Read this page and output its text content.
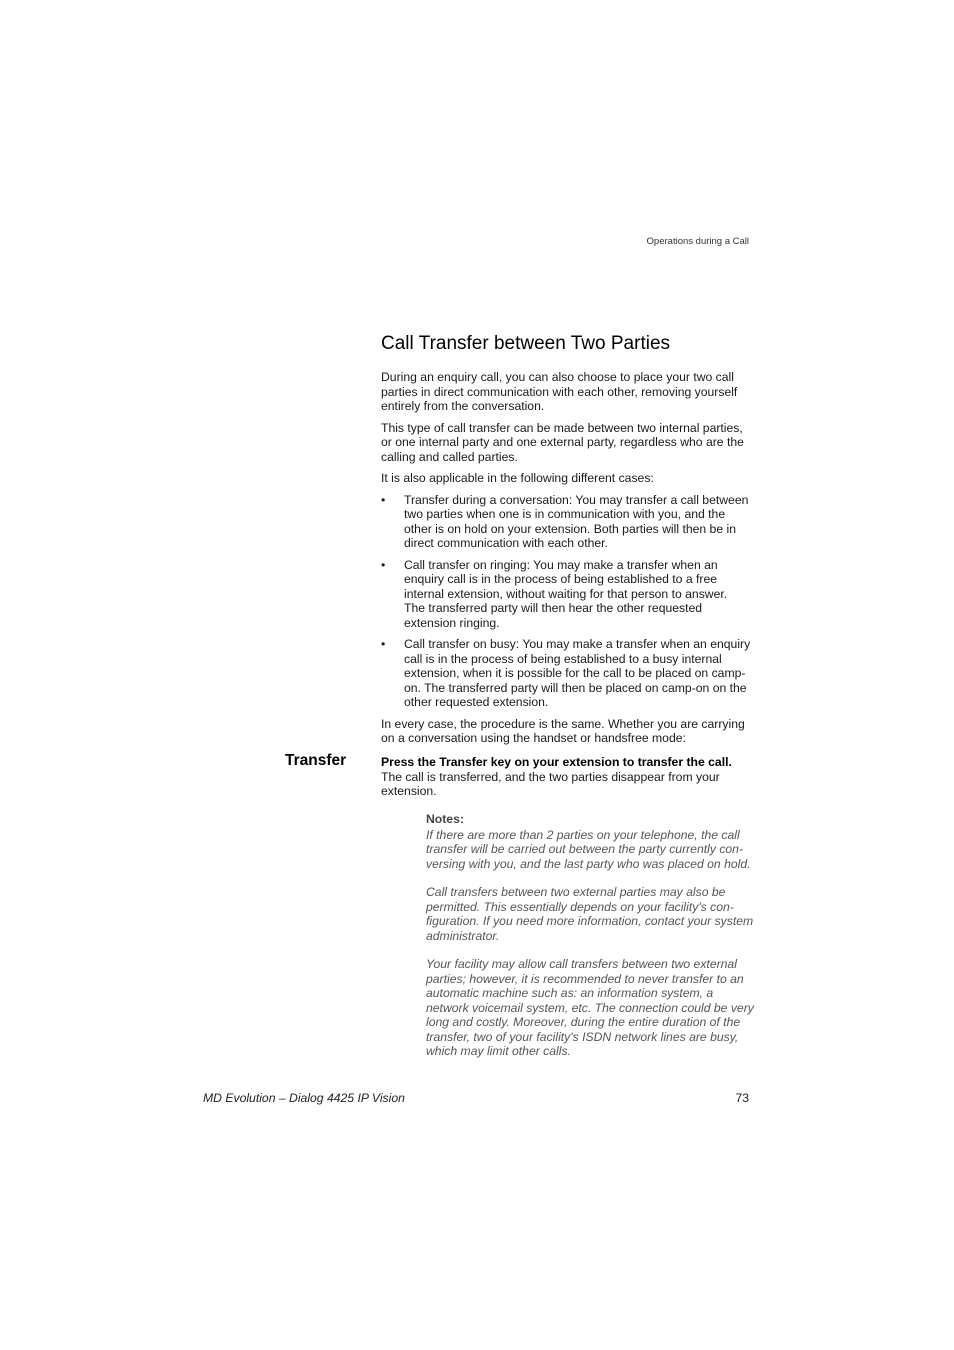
Operations during a Call
Call Transfer between Two Parties

During an enquiry call, you can also choose to place your two call parties in direct communication with each other, removing yourself entirely from the conversation.

This type of call transfer can be made between two internal parties, or one internal party and one external party, regardless who are the calling and called parties.

It is also applicable in the following different cases:

• Transfer during a conversation: You may transfer a call between two parties when one is in communication with you, and the other is on hold on your extension. Both parties will then be in direct communication with each other.
• Call transfer on ringing: You may make a transfer when an enquiry call is in the process of being established to a free internal extension, without waiting for that person to answer. The transferred party will then hear the other requested extension ringing.
• Call transfer on busy: You may make a transfer when an enquiry call is in the process of being established to a busy internal extension, when it is possible for the call to be placed on camp-on. The transferred party will then be placed on camp-on on the other requested extension.

In every case, the procedure is the same. Whether you are carrying on a conversation using the handset or handsfree mode:

Transfer	Press the Transfer key on your extension to transfer the call.
The call is transferred, and the two parties disappear from your extension.
Notes:

If there are more than 2 parties on your telephone, the call transfer will be carried out between the party currently con-versing with you, and the last party who was placed on hold.

Call transfers between two external parties may also be permitted. This essentially depends on your facility's con-figuration. If you need more information, contact your system administrator.

Your facility may allow call transfers between two external parties; however, it is recommended to never transfer to an automatic machine such as: an information system, a network voicemail system, etc. The connection could be very long and costly. Moreover, during the entire duration of the transfer, two of your facility's ISDN network lines are busy, which may limit other calls.

MD Evolution – Dialog 4425 IP Vision	73
